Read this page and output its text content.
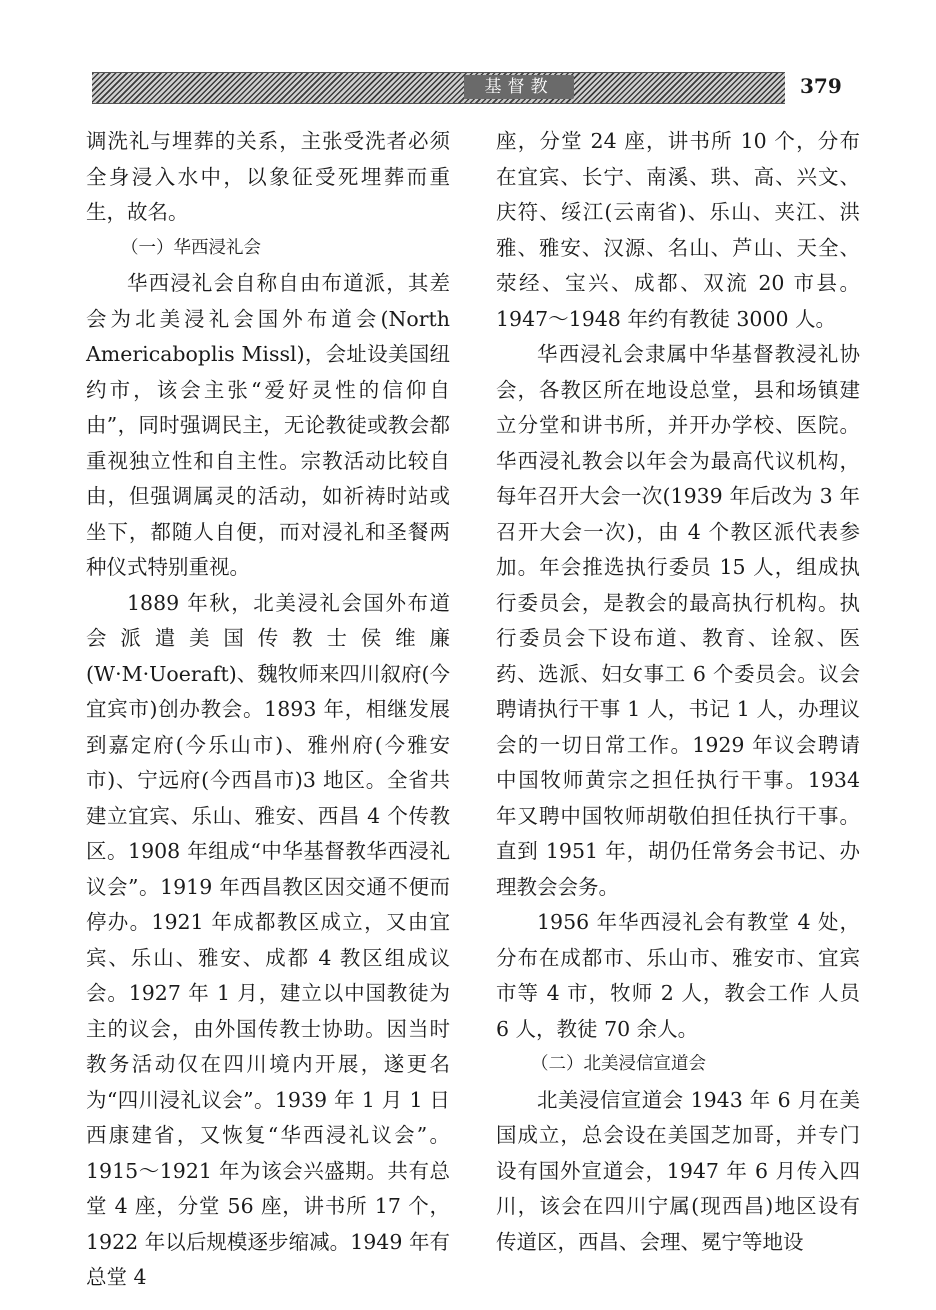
基督教	379

调洗礼与埋葬的关系，主张受洗者必须全身浸入水中，以象征受死埋葬而重生，故名。

（一）华西浸礼会

华西浸礼会自称自由布道派，其差会为北美浸礼会国外布道会(North Americaboplis Missl)，会址设美国纽约市，该会主张“爱好灵性的信仰自由”，同时强调民主，无论教徒或教会都重视独立性和自主性。宗教活动比较自由，但强调属灵的活动，如祈祷时站或坐下，都随人自便，而对浸礼和圣餐两种仪式特别重视。

1889 年秋，北美浸礼会国外布道会派遣美国传教士侯维廉(W·M·Uoeraft)、魏牧师来四川叙府(今宜宾市)创办教会。1893 年，相继发展到嘉定府(今乐山市)、雅州府(今雅安市)、宁远府(今西昌市)3 地区。全省共建立宜宾、乐山、雅安、西昌 4 个传教区。1908 年组成“中华基督教华西浸礼议会”。1919 年西昌教区因交通不便而停办。1921 年成都教区成立，又由宜宾、乐山、雅安、成都 4 教区组成议会。1927 年 1 月，建立以中国教徒为主的议会，由外国传教士协助。因当时教务活动仅在四川境内开展，遂更名为“四川浸礼议会”。1939 年 1 月 1 日西康建省，又恢复“华西浸礼议会”。1915～1921 年为该会兴盛期。共有总堂 4 座，分堂 56 座，讲书所 17 个，1922 年以后规模逐步缩减。1949 年有总堂 4

座，分堂 24 座，讲书所 10 个，分布在宜宾、长宁、南溪、珙、高、兴文、庆符、绥江(云南省)、乐山、夹江、洪雅、雅安、汉源、名山、芦山、天全、荥经、宝兴、成都、双流 20 市县。1947～1948 年约有教徒 3000 人。

华西浸礼会隶属中华基督教浸礼协会，各教区所在地设总堂，县和场镇建立分堂和讲书所，并开办学校、医院。华西浸礼教会以年会为最高代议机构，每年召开大会一次(1939 年后改为 3 年召开大会一次)，由 4 个教区派代表参加。年会推选执行委员 15 人，组成执行委员会，是教会的最高执行机构。执行委员会下设布道、教育、诠叙、医药、选派、妇女事工 6 个委员会。议会聘请执行干事 1 人，书记 1 人，办理议会的一切日常工作。1929 年议会聘请中国牧师黄宗之担任执行干事。1934 年又聘中国牧师胡敬伯担任执行干事。直到 1951 年，胡仍任常务会书记、办理教会会务。

1956 年华西浸礼会有教堂 4 处，分布在成都市、乐山市、雅安市、宜宾市等 4 市，牧师 2 人，教会工作 人员 6 人，教徒 70 余人。

（二）北美浸信宣道会

北美浸信宣道会 1943 年 6 月在美国成立，总会设在美国芝加哥，并专门设有国外宣道会，1947 年 6 月传入四川，该会在四川宁属(现西昌)地区设有传道区，西昌、会理、冕宁等地设
